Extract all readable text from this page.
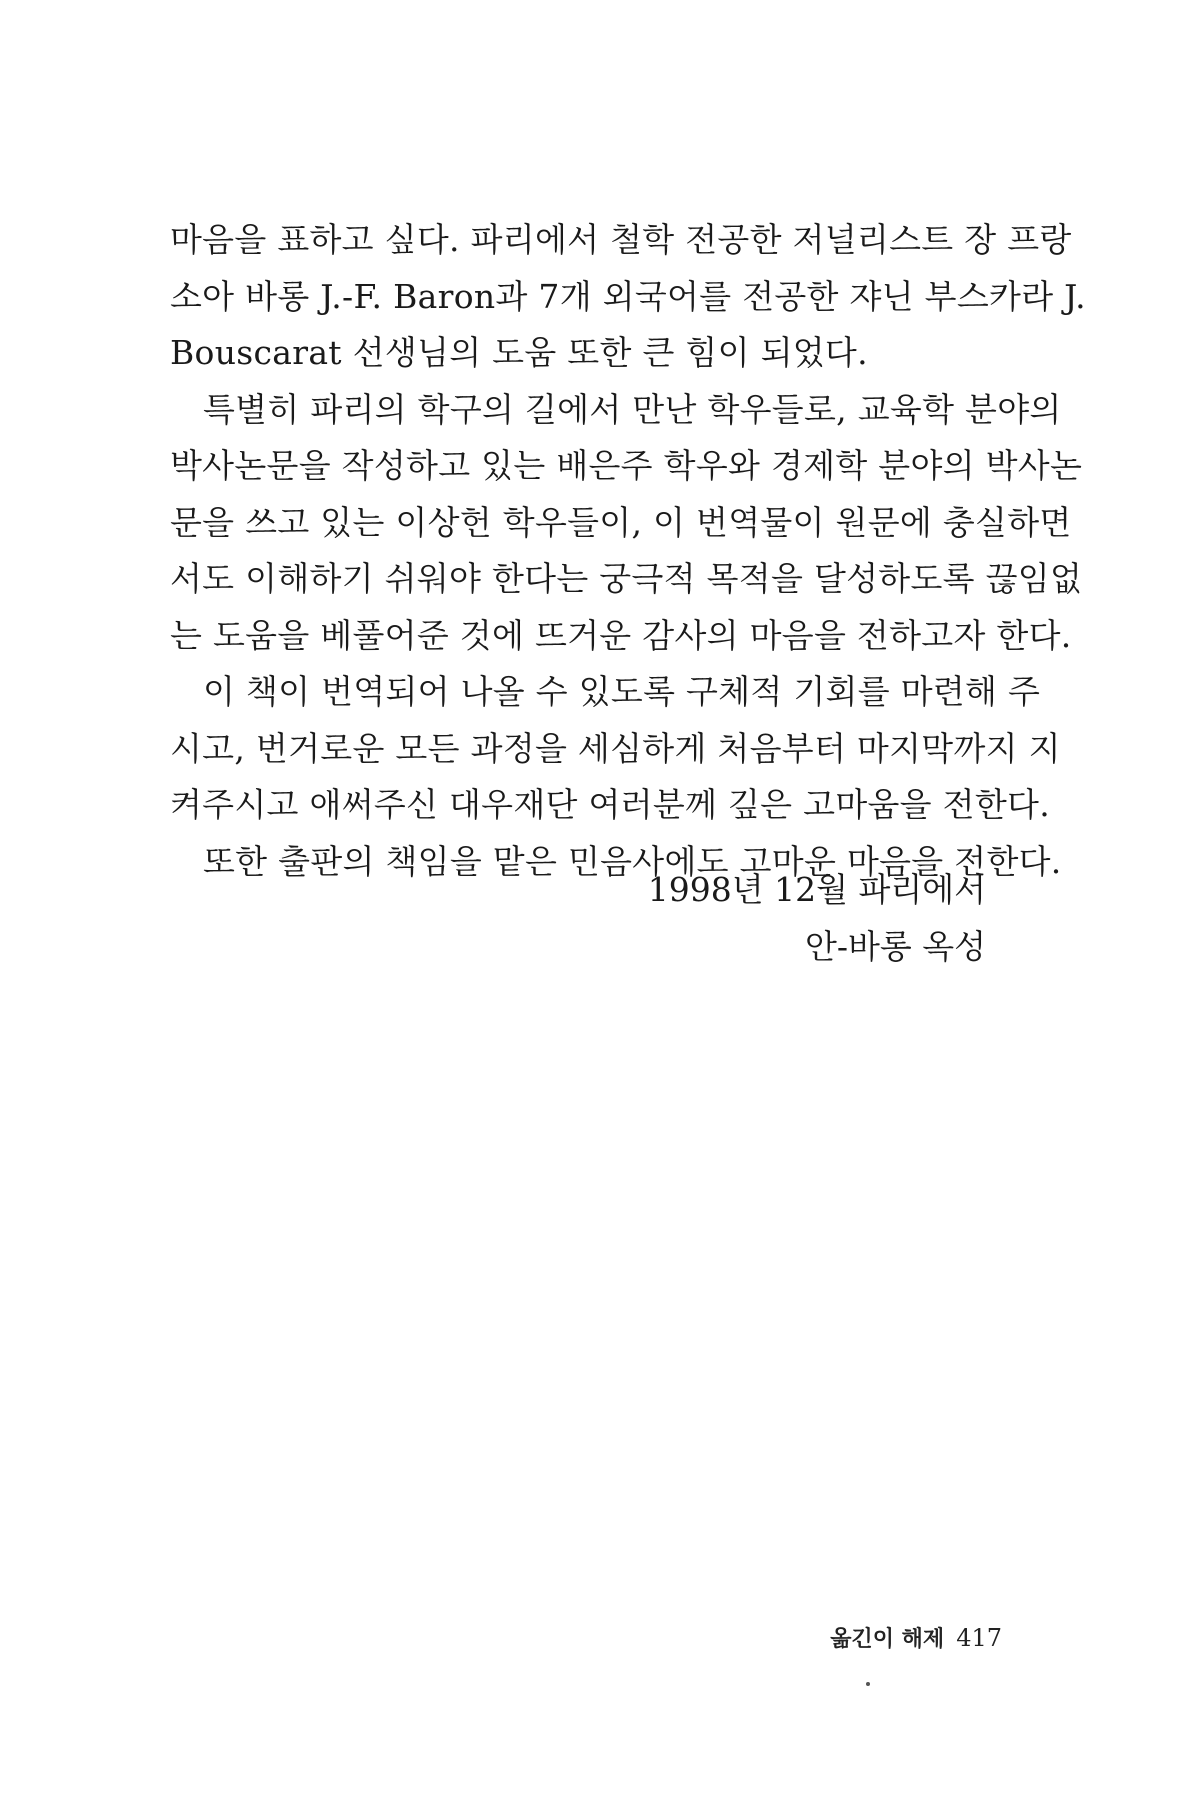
마음을 표하고 싶다. 파리에서 철학 전공한 저널리스트 장 프랑
소아 바롱 J.-F. Baron과 7개 외국어를 전공한 쟈닌 부스카라 J.
Bouscarat 선생님의 도움 또한 큰 힘이 되었다.
특별히 파리의 학구의 길에서 만난 학우들로, 교육학 분야의
박사논문을 작성하고 있는 배은주 학우와 경제학 분야의 박사논
문을 쓰고 있는 이상헌 학우들이, 이 번역물이 원문에 충실하면
서도 이해하기 쉬워야 한다는 궁극적 목적을 달성하도록 끊임없
는 도움을 베풀어준 것에 뜨거운 감사의 마음을 전하고자 한다.
이 책이 번역되어 나올 수 있도록 구체적 기회를 마련해 주
시고, 번거로운 모든 과정을 세심하게 처음부터 마지막까지 지
켜주시고 애써주신 대우재단 여러분께 깊은 고마움을 전한다.
또한 출판의 책임을 맡은 민음사에도 고마운 마음을 전한다.
1998년 12월 파리에서
안-바롱 옥성
옮긴이 해제 417
